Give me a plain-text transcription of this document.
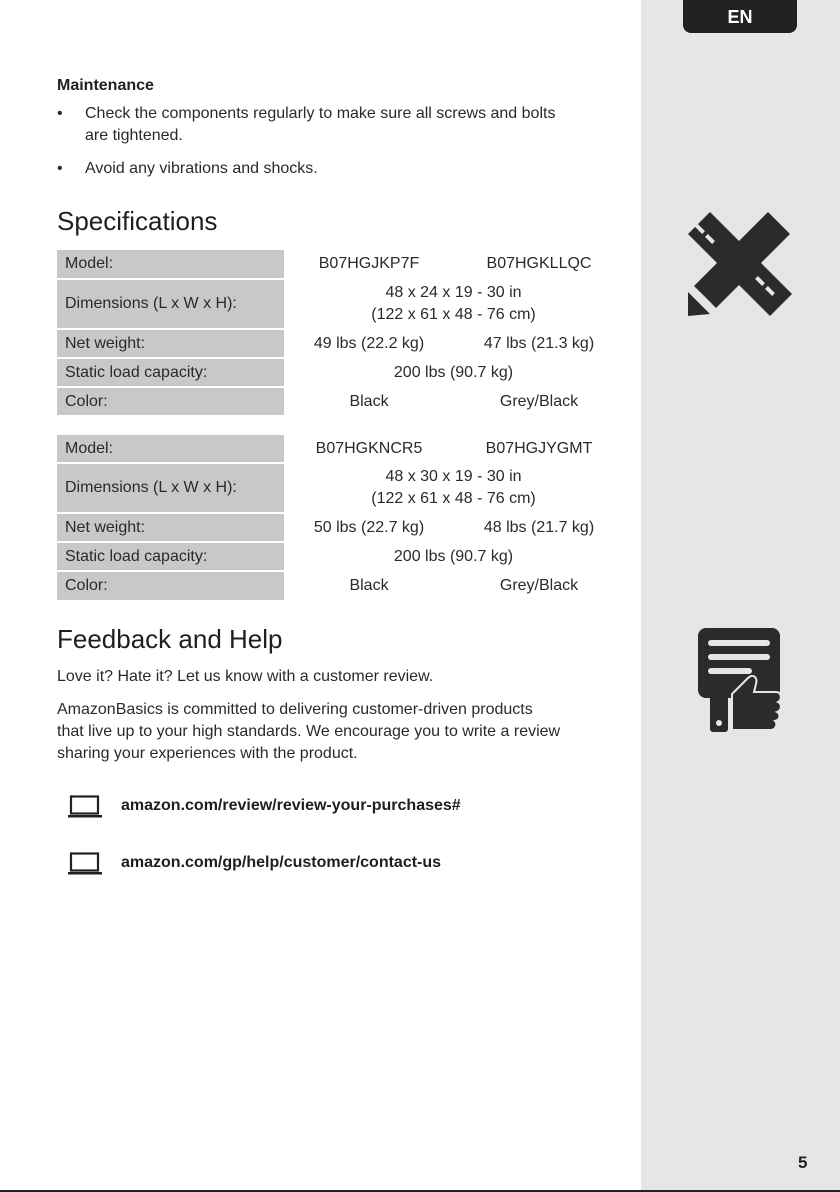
EN
Maintenance
• Check the components regularly to make sure all screws and bolts
are tightened.
• Avoid any vibrations and shocks.
Specifications
Model:	B07HGJKP7F	B07HGKLLQC
Dimensions (L x W x H):
48 x 24 x 19 - 30 in
(122 x 61 x 48 - 76 cm)
Net weight:	49 lbs (22.2 kg)	47 lbs (21.3 kg)
Static load capacity:	200 lbs (90.7 kg)
Color:	Black	Grey/Black
Model:	B07HGKNCR5	B07HGJYGMT
Dimensions (L x W x H):
48 x 30 x 19 - 30 in
(122 x 61 x 48 - 76 cm)
Net weight:	50 lbs (22.7 kg)	48 lbs (21.7 kg)
Static load capacity:	200 lbs (90.7 kg)
Color:	Black	Grey/Black
Feedback and Help
Love it? Hate it? Let us know with a customer review.
AmazonBasics is committed to delivering customer-driven products
that live up to your high standards. We encourage you to write a review
sharing your experiences with the product.
amazon.com/review/review-your-purchases#
amazon.com/gp/help/customer/contact-us
5
